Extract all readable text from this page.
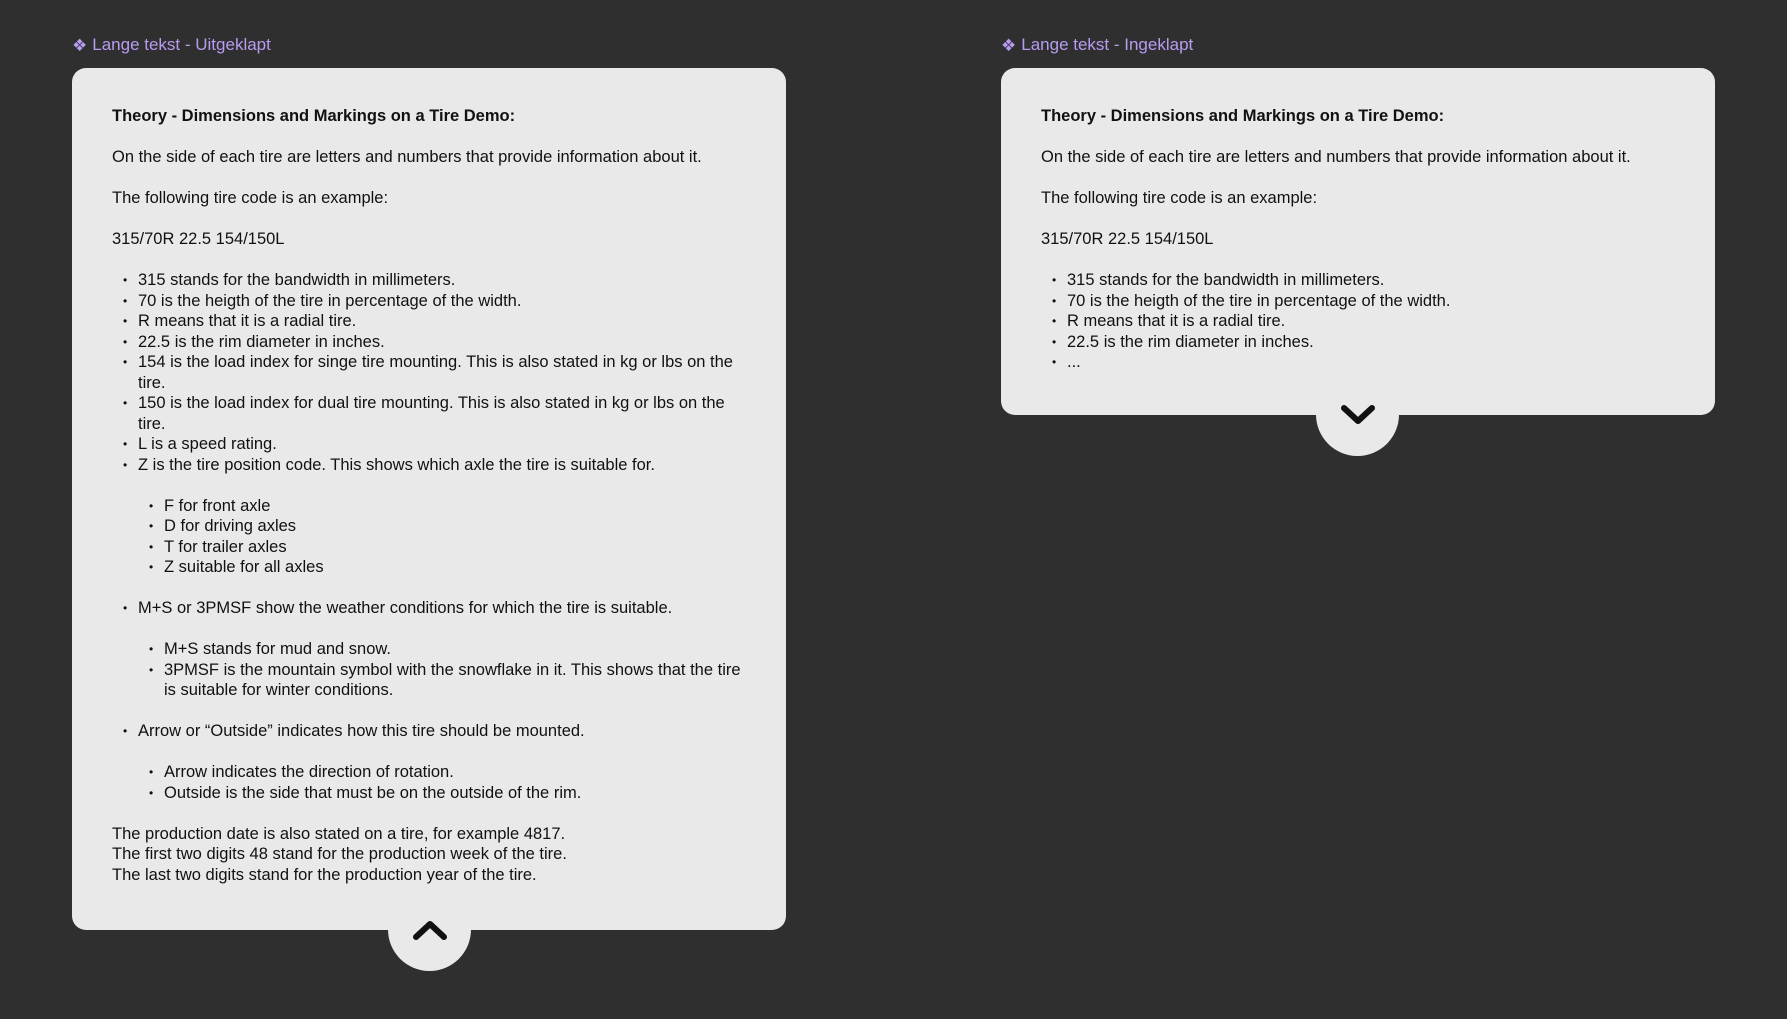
❖ Lange tekst - Uitgeklapt	❖ Lange tekst - Ingeklapt

Theory - Dimensions and Markings on a Tire Demo:

On the side of each tire are letters and numbers that provide information about it.

The following tire code is an example:

315/70R 22.5 154/150L

• 315 stands for the bandwidth in millimeters.
• 70 is the heigth of the tire in percentage of the width.
• R means that it is a radial tire.
• 22.5 is the rim diameter in inches.
• 154 is the load index for singe tire mounting. This is also stated in kg or lbs on the tire.
• 150 is the load index for dual tire mounting. This is also stated in kg or lbs on the tire.
• L is a speed rating.
• Z is the tire position code. This shows which axle the tire is suitable for.
• F for front axle
• D for driving axles
• T for trailer axles
• Z suitable for all axles
• M+S or 3PMSF show the weather conditions for which the tire is suitable.
• M+S stands for mud and snow.
• 3PMSF is the mountain symbol with the snowflake in it. This shows that the tire is suitable for winter conditions.
• Arrow or “Outside” indicates how this tire should be mounted.
• Arrow indicates the direction of rotation.
• Outside is the side that must be on the outside of the rim.

The production date is also stated on a tire, for example 4817.

The first two digits 48 stand for the production week of the tire.

The last two digits stand for the production year of the tire.

Theory - Dimensions and Markings on a Tire Demo:

On the side of each tire are letters and numbers that provide information about it.

The following tire code is an example:

315/70R 22.5 154/150L

• 315 stands for the bandwidth in millimeters.
• 70 is the heigth of the tire in percentage of the width.
• R means that it is a radial tire.
• 22.5 is the rim diameter in inches.
• ...
